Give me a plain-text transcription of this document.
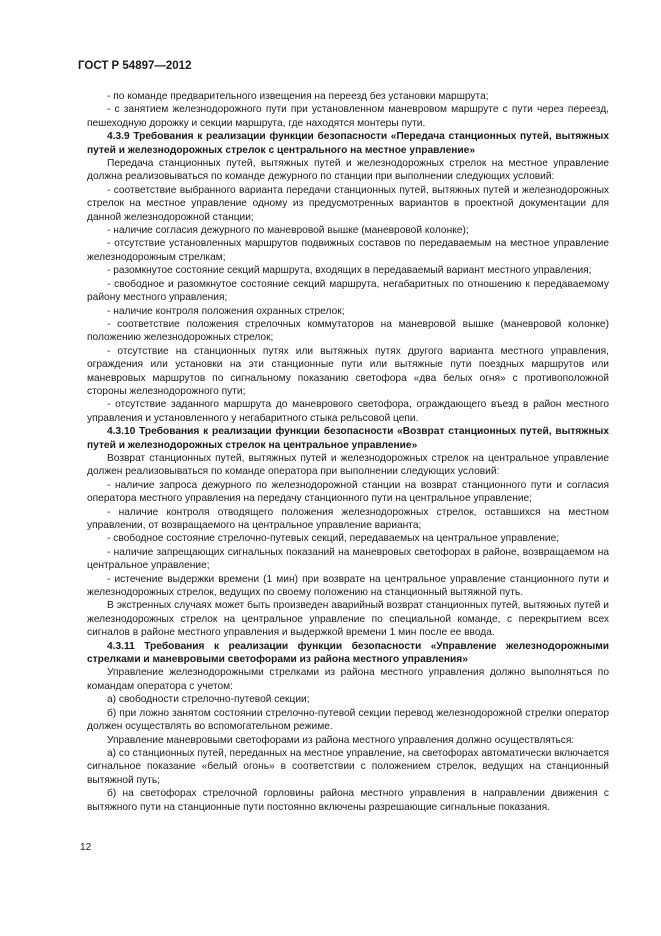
ГОСТ Р 54897—2012

- по команде предварительного извещения на переезд без установки маршрута;

- с занятием железнодорожного пути при установленном маневровом маршруте с пути через переезд, пешеходную дорожку и секции маршрута, где находятся монтеры пути.

4.3.9 Требования к реализации функции безопасности «Передача станционных путей, вытяжных путей и железнодорожных стрелок с центрального на местное управление»

Передача станционных путей, вытяжных путей и железнодорожных стрелок на местное управление должна реализовываться по команде дежурного по станции при выполнении следующих условий:

- соответствие выбранного варианта передачи станционных путей, вытяжных путей и железнодорожных стрелок на местное управление одному из предусмотренных вариантов в проектной документации для данной железнодорожной станции;

- наличие согласия дежурного по маневровой вышке (маневровой колонке);

- отсутствие установленных маршрутов подвижных составов по передаваемым на местное управление железнодорожным стрелкам;

- разомкнутое состояние секций маршрута, входящих в передаваемый вариант местного управления;

- свободное и разомкнутое состояние секций маршрута, негабаритных по отношению к передаваемому району местного управления;

- наличие контроля положения охранных стрелок;

- соответствие положения стрелочных коммутаторов на маневровой вышке (маневровой колонке) положению железнодорожных стрелок;

- отсутствие на станционных путях или вытяжных путях другого варианта местного управления, ограждения или установки на эти станционные пути или вытяжные пути поездных маршрутов или маневровых маршрутов по сигнальному показанию светофора «два белых огня» с противоположной стороны железнодорожного пути;

- отсутствие заданного маршрута до маневрового светофора, ограждающего въезд в район местного управления и установленного у негабаритного стыка рельсовой цепи.

4.3.10 Требования к реализации функции безопасности «Возврат станционных путей, вытяжных путей и железнодорожных стрелок на центральное управление»

Возврат станционных путей, вытяжных путей и железнодорожных стрелок на центральное управление должен реализовываться по команде оператора при выполнении следующих условий:

- наличие запроса дежурного по железнодорожной станции на возврат станционного пути и согласия оператора местного управления на передачу станционного пути на центральное управление;

- наличие контроля отводящего положения железнодорожных стрелок, оставшихся на местном управлении, от возвращаемого на центральное управление варианта;

- свободное состояние стрелочно-путевых секций, передаваемых на центральное управление;

- наличие запрещающих сигнальных показаний на маневровых светофорах в районе, возвращаемом на центральное управление;

- истечение выдержки времени (1 мин) при возврате на центральное управление станционного пути и железнодорожных стрелок, ведущих по своему положению на станционный вытяжной путь.

В экстренных случаях может быть произведен аварийный возврат станционных путей, вытяжных путей и железнодорожных стрелок на центральное управление по специальной команде, с перекрытием всех сигналов в районе местного управления и выдержкой времени 1 мин после ее ввода.

4.3.11 Требования к реализации функции безопасности «Управление железнодорожными стрелками и маневровыми светофорами из района местного управления»

Управление железнодорожными стрелками из района местного управления должно выполняться по командам оператора с учетом:

а) свободности стрелочно-путевой секции;

б) при ложно занятом состоянии стрелочно-путевой секции перевод железнодорожной стрелки оператор должен осуществлять во вспомогательном режиме.

Управление маневровыми светофорами из района местного управления должно осуществляться:

а) со станционных путей, переданных на местное управление, на светофорах автоматически включается сигнальное показание «белый огонь» в соответствии с положением стрелок, ведущих на станционный вытяжной путь;

б) на светофорах стрелочной горловины района местного управления в направлении движения с вытяжного пути на станционные пути постоянно включены разрешающие сигнальные показания.

12
